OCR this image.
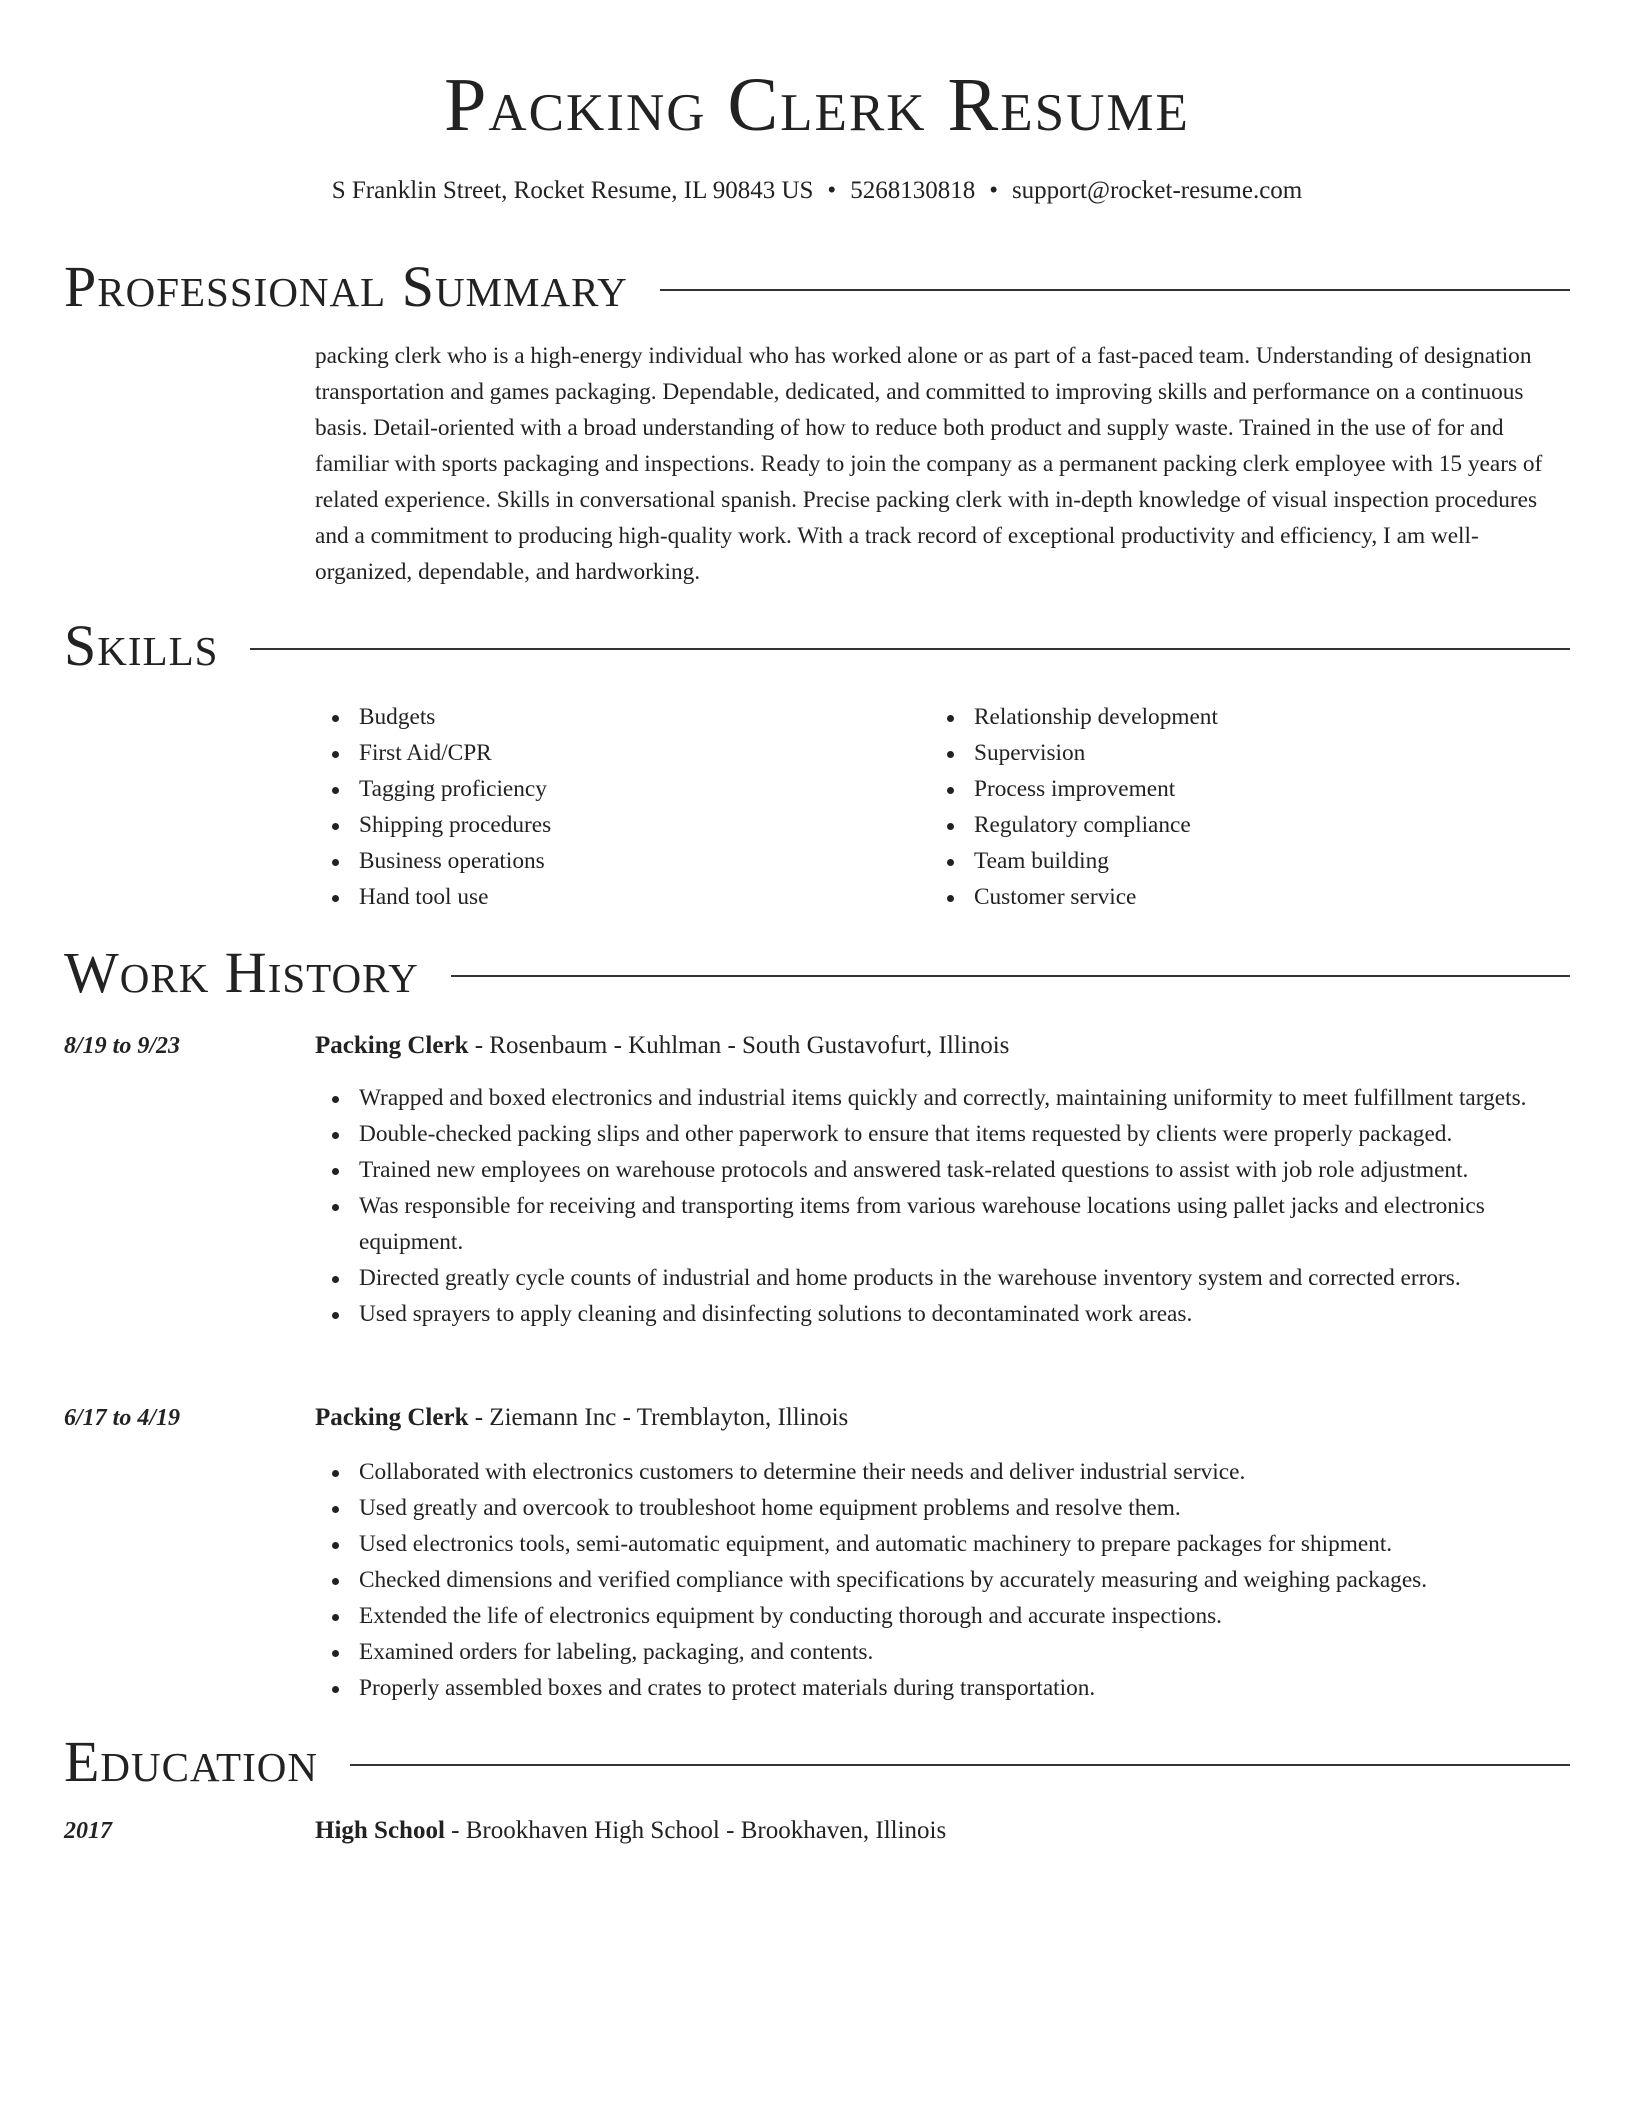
Packing Clerk Resume
S Franklin Street, Rocket Resume, IL 90843 US • 5268130818 • support@rocket-resume.com
Professional Summary

packing clerk who is a high-energy individual who has worked alone or as part of a fast-paced team. Understanding of designation transportation and games packaging. Dependable, dedicated, and committed to improving skills and performance on a continuous basis. Detail-oriented with a broad understanding of how to reduce both product and supply waste. Trained in the use of for and familiar with sports packaging and inspections. Ready to join the company as a permanent packing clerk employee with 15 years of related experience. Skills in conversational spanish. Precise packing clerk with in-depth knowledge of visual inspection procedures and a commitment to producing high-quality work. With a track record of exceptional productivity and efficiency, I am well-organized, dependable, and hardworking.

Skills
Budgets
First Aid/CPR
Tagging proficiency
Shipping procedures
Business operations
Hand tool use
Relationship development
Supervision
Process improvement
Regulatory compliance
Team building
Customer service
Work History
8/19 to 9/23	Packing Clerk - Rosenbaum - Kuhlman - South Gustavofurt, Illinois
Wrapped and boxed electronics and industrial items quickly and correctly, maintaining uniformity to meet fulfillment targets.
Double-checked packing slips and other paperwork to ensure that items requested by clients were properly packaged.
Trained new employees on warehouse protocols and answered task-related questions to assist with job role adjustment.
Was responsible for receiving and transporting items from various warehouse locations using pallet jacks and electronics equipment.
Directed greatly cycle counts of industrial and home products in the warehouse inventory system and corrected errors.
Used sprayers to apply cleaning and disinfecting solutions to decontaminated work areas.
6/17 to 4/19	Packing Clerk - Ziemann Inc - Tremblayton, Illinois
Collaborated with electronics customers to determine their needs and deliver industrial service.
Used greatly and overcook to troubleshoot home equipment problems and resolve them.
Used electronics tools, semi-automatic equipment, and automatic machinery to prepare packages for shipment.
Checked dimensions and verified compliance with specifications by accurately measuring and weighing packages.
Extended the life of electronics equipment by conducting thorough and accurate inspections.
Examined orders for labeling, packaging, and contents.
Properly assembled boxes and crates to protect materials during transportation.
Education
2017	High School - Brookhaven High School - Brookhaven, Illinois
